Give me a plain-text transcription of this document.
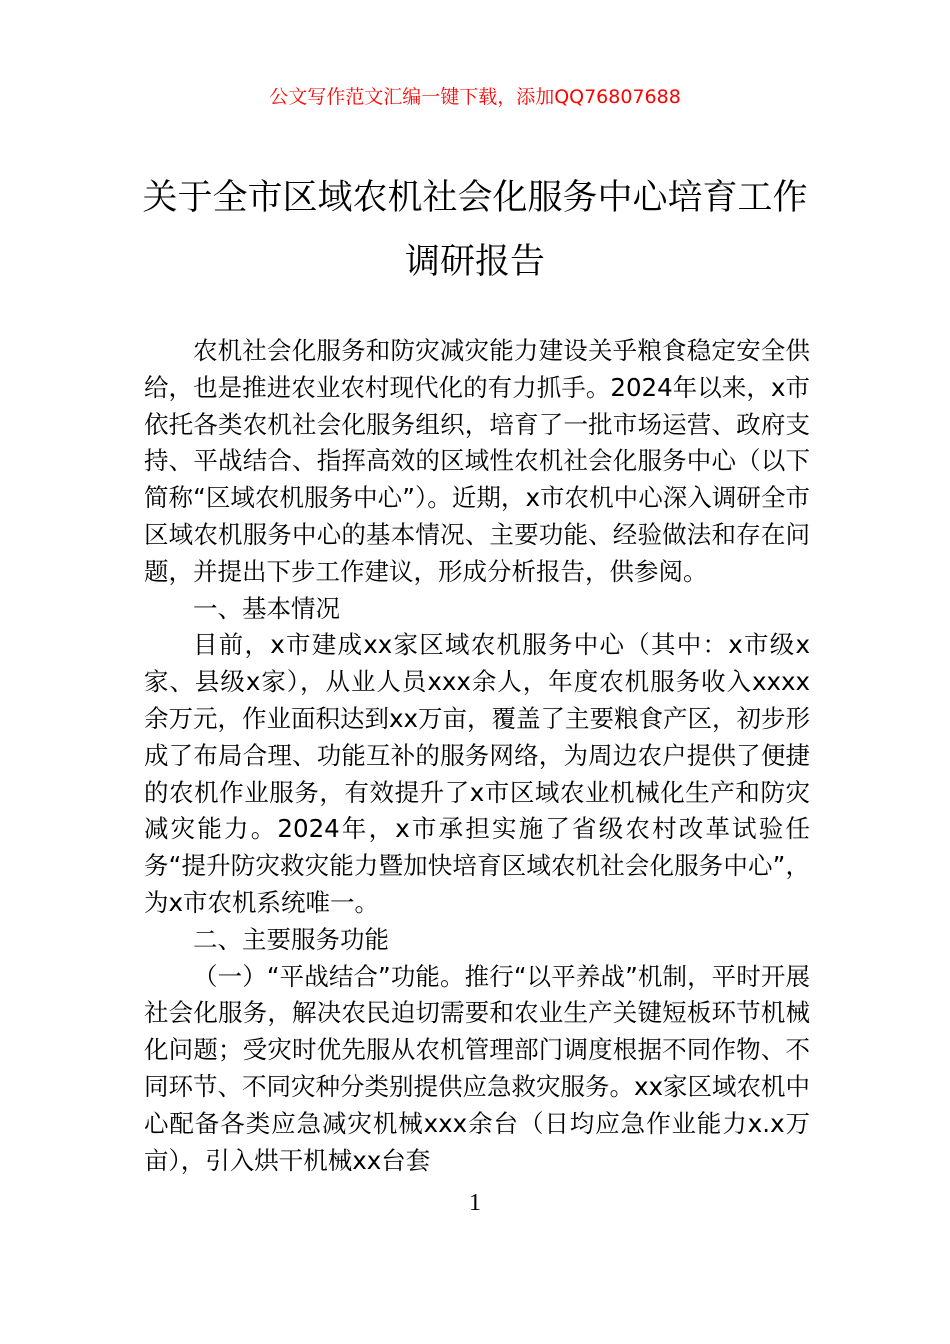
公文写作范文汇编一键下载，添加QQ76807688
关于全市区域农机社会化服务中心培育工作调研报告

农机社会化服务和防灾减灾能力建设关乎粮食稳定安全供给，也是推进农业农村现代化的有力抓手。2024年以来，x市依托各类农机社会化服务组织，培育了一批市场运营、政府支持、平战结合、指挥高效的区域性农机社会化服务中心（以下简称“区域农机服务中心”）。近期，x市农机中心深入调研全市区域农机服务中心的基本情况、主要功能、经验做法和存在问题，并提出下步工作建议，形成分析报告，供参阅。

一、基本情况

目前，x市建成xx家区域农机服务中心（其中：x市级x家、县级x家），从业人员xxx余人，年度农机服务收入xxxx余万元，作业面积达到xx万亩，覆盖了主要粮食产区，初步形成了布局合理、功能互补的服务网络，为周边农户提供了便捷的农机作业服务，有效提升了x市区域农业机械化生产和防灾减灾能力。2024年，x市承担实施了省级农村改革试验任务“提升防灾救灾能力暨加快培育区域农机社会化服务中心”，为x市农机系统唯一。

二、主要服务功能

（一）“平战结合”功能。推行“以平养战”机制，平时开展社会化服务，解决农民迫切需要和农业生产关键短板环节机械化问题；受灾时优先服从农机管理部门调度根据不同作物、不同环节、不同灾种分类别提供应急救灾服务。xx家区域农机中心配备各类应急减灾机械xxx余台（日均应急作业能力x.x万亩），引入烘干机械xx台套

1
